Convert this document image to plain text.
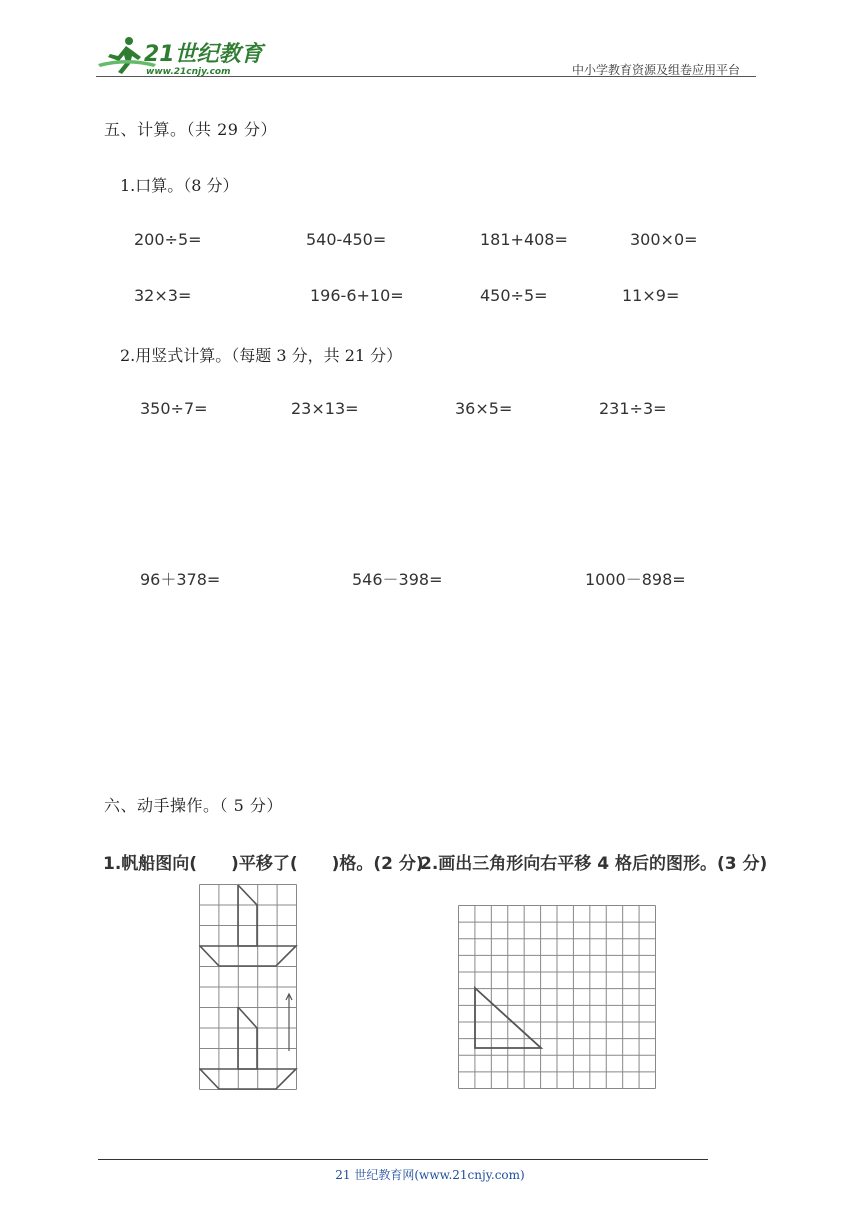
21世纪教育
www.21cnjy.com	中小学教育资源及组卷应用平台
五、计算。（共 29 分）
1.口算。（8 分）
200÷5=	540-450=	181+408=	300×0=
32×3=	196-6+10=	450÷5=	11×9=
2.用竖式计算。（每题 3 分，共 21 分）
350÷7=	23×13=	36×5=	231÷3=
96＋378=	546－398=	1000－898=
六、动手操作。（ 5 分）
1.帆船图向(　　)平移了(　　)格。(2 分)
2.画出三角形向右平移 4 格后的图形。(3 分)
21 世纪教育网(www.21cnjy.com)
